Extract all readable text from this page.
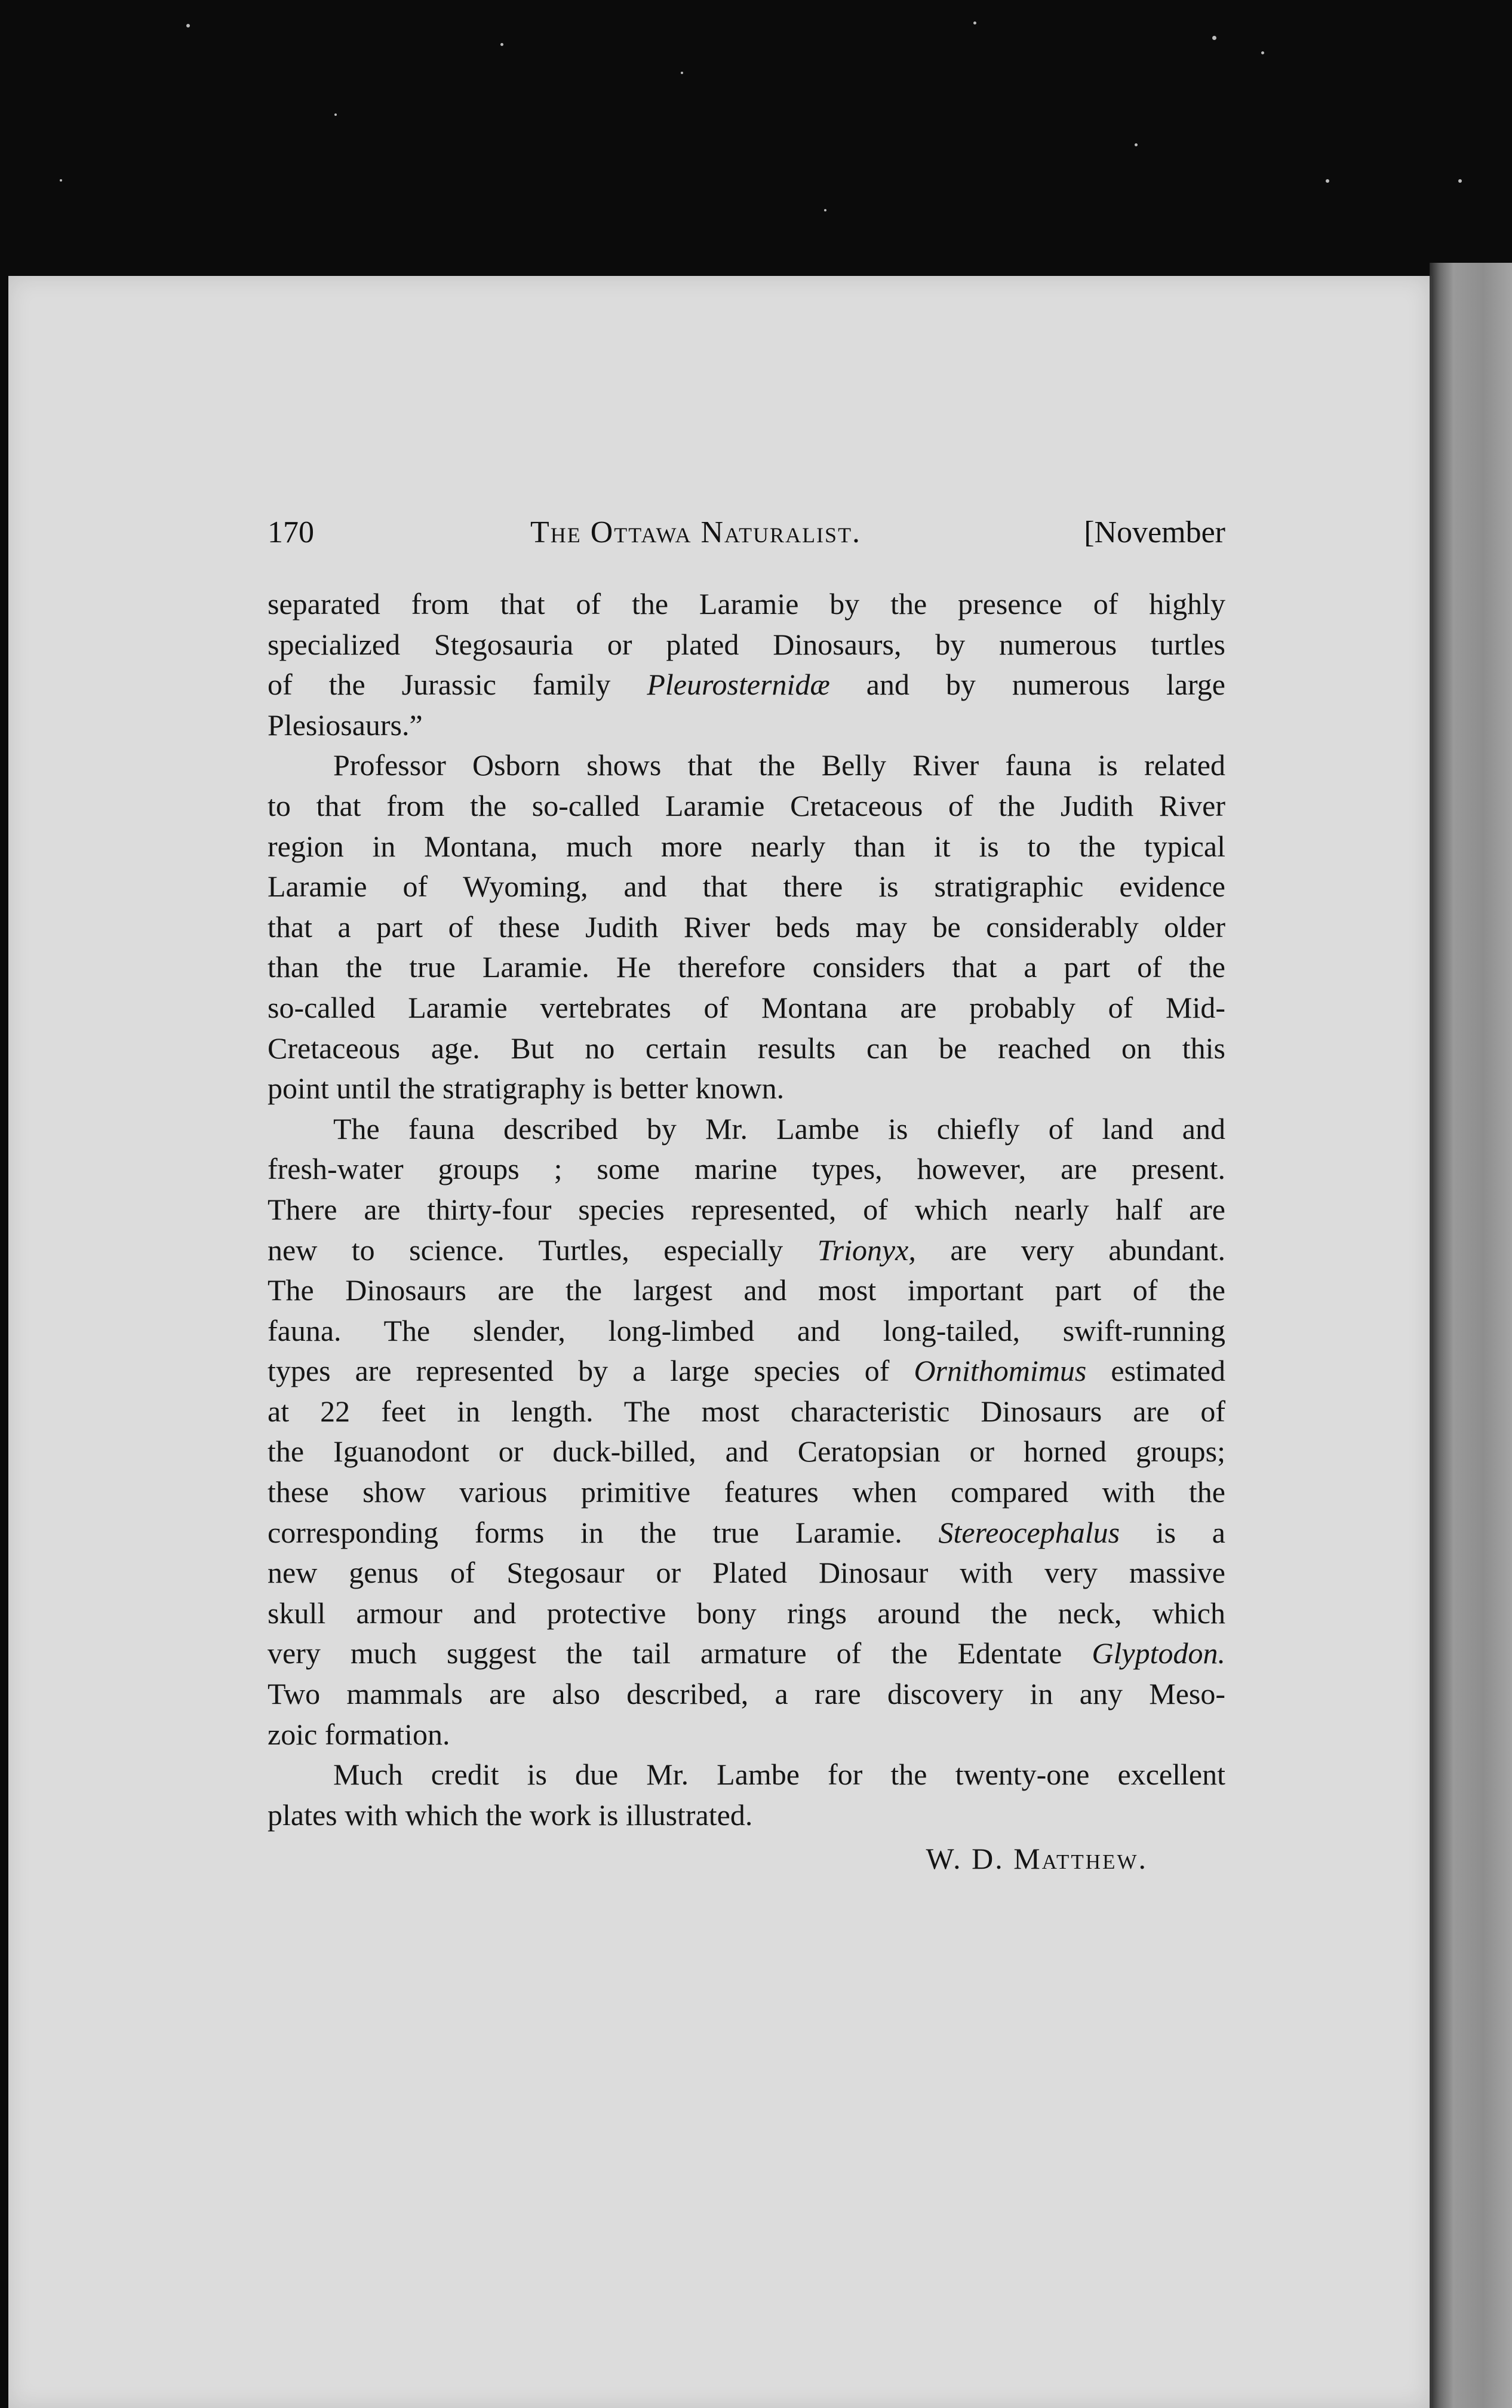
170	The Ottawa Naturalist.	[November
separated from that of the Laramie by the presence of highly
specialized Stegosauria or plated Dinosaurs, by numerous turtles
of the Jurassic family Pleurosternidæ and by numerous large
Plesiosaurs.”
Professor Osborn shows that the Belly River fauna is related
to that from the so-called Laramie Cretaceous of the Judith River
region in Montana, much more nearly than it is to the typical
Laramie of Wyoming, and that there is stratigraphic evidence
that a part of these Judith River beds may be considerably older
than the true Laramie. He therefore considers that a part of the
so-called Laramie vertebrates of Montana are probably of Mid-
Cretaceous age. But no certain results can be reached on this
point until the stratigraphy is better known.
The fauna described by Mr. Lambe is chiefly of land and
fresh-water groups ; some marine types, however, are present.
There are thirty-four species represented, of which nearly half are
new to science. Turtles, especially Trionyx, are very abundant.
The Dinosaurs are the largest and most important part of the
fauna. The slender, long-limbed and long-tailed, swift-running
types are represented by a large species of Ornithomimus estimated
at 22 feet in length. The most characteristic Dinosaurs are of
the Iguanodont or duck-billed, and Ceratopsian or horned groups;
these show various primitive features when compared with the
corresponding forms in the true Laramie. Stereocephalus is a
new genus of Stegosaur or Plated Dinosaur with very massive
skull armour and protective bony rings around the neck, which
very much suggest the tail armature of the Edentate Glyptodon.
Two mammals are also described, a rare discovery in any Meso-
zoic formation.
Much credit is due Mr. Lambe for the twenty-one excellent
plates with which the work is illustrated.
W. D. Matthew.
